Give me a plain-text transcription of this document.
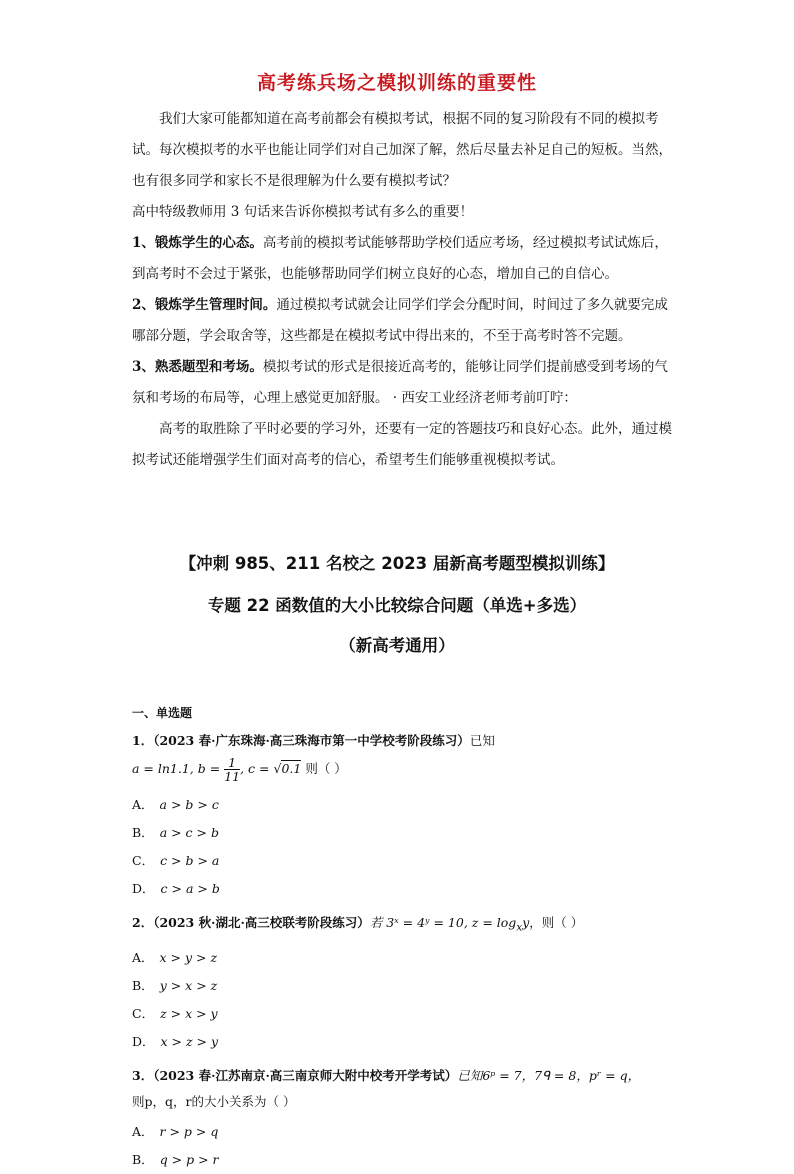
高考练兵场之模拟训练的重要性

我们大家可能都知道在高考前都会有模拟考试，根据不同的复习阶段有不同的模拟考试。每次模拟考的水平也能让同学们对自己加深了解，然后尽量去补足自己的短板。当然，也有很多同学和家长不是很理解为什么要有模拟考试？

高中特级教师用 3 句话来告诉你模拟考试有多么的重要！

1、锻炼学生的心态。高考前的模拟考试能够帮助学校们适应考场，经过模拟考试试炼后，到高考时不会过于紧张，也能够帮助同学们树立良好的心态，增加自己的自信心。

2、锻炼学生管理时间。通过模拟考试就会让同学们学会分配时间，时间过了多久就要完成哪部分题，学会取舍等，这些都是在模拟考试中得出来的，不至于高考时答不完题。

3、熟悉题型和考场。模拟考试的形式是很接近高考的，能够让同学们提前感受到考场的气氛和考场的布局等，心理上感觉更加舒服。 · 西安工业经济老师考前叮咛：

高考的取胜除了平时必要的学习外，还要有一定的答题技巧和良好心态。此外，通过模拟考试还能增强学生们面对高考的信心，希望考生们能够重视模拟考试。

【冲刺 985、211 名校之 2023 届新高考题型模拟训练】
专题 22 函数值的大小比较综合问题（单选+多选）
（新高考通用）
一、单选题
1．（2023 春·广东珠海·高三珠海市第一中学校考阶段练习）已知
a = ln1.1, $b = \frac{1}{11}$ , c = √0.1 则（ ）
A． a > b > c
B． a > c > b
C． c > b > a
D． c > a > b
2．（2023 秋·湖北·高三校联考阶段练习）若 3ˣ = 4ʸ = 10, $z = \log_xy$，则（ ）
A． x > y > z
B． y > x > z
C． z > x > y
D． x > z > y
3．（2023 春·江苏南京·高三南京师大附中校考开学考试）已知6ᵖ = 7，7ᑫ = 8，pʳ = q，
则p，q，r的大小关系为（ ）
A． r > p > q
B． q > p > r
